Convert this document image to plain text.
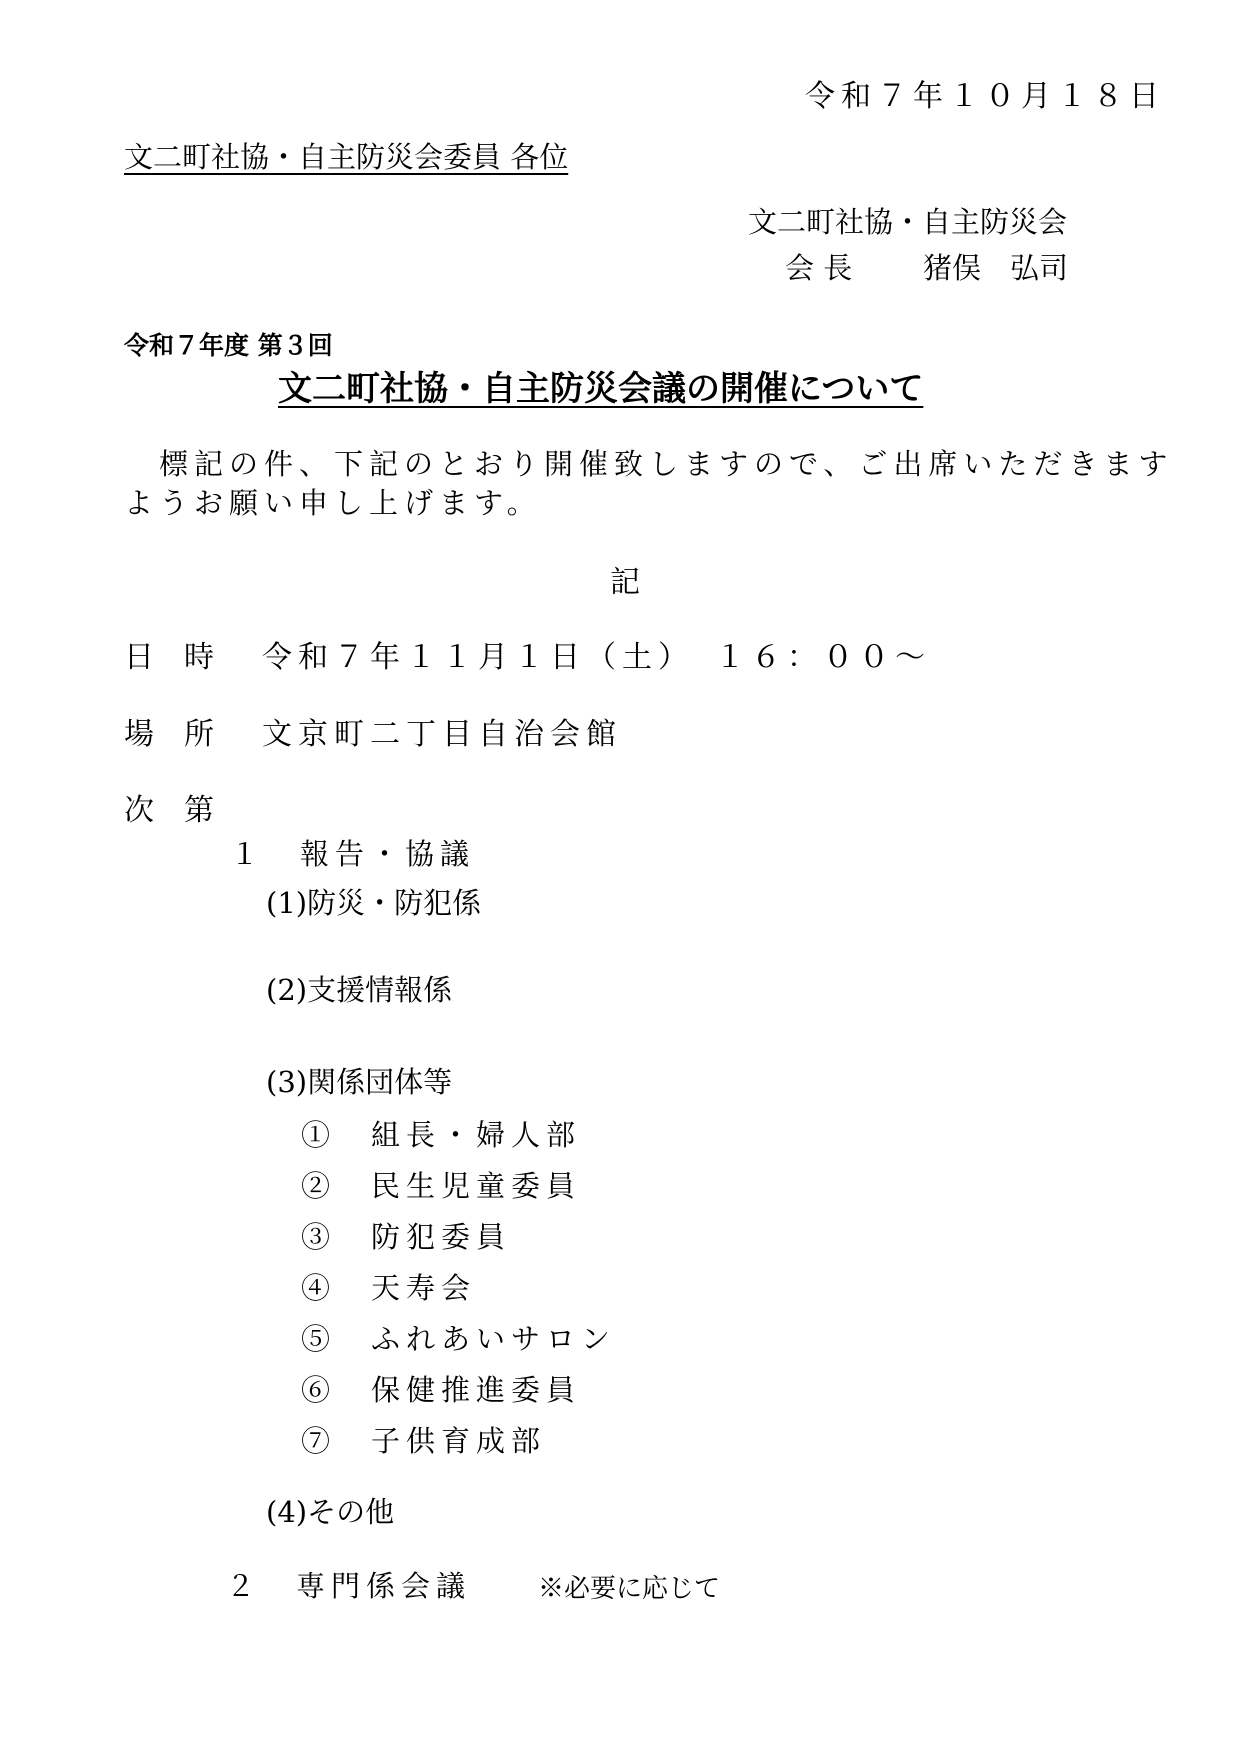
令和７年１０月１８日
文二町社協・自主防災会委員 各位
文二町社協・自主防災会
会 長 猪俣　弘司
令和７年度 第３回
文二町社協・自主防災会議の開催について
　標記の件、下記のとおり開催致しますので、ご出席いただきます
ようお願い申し上げます。
記
日　時 令和７年１１月１日（土）　１６：００～
場　所 文京町二丁目自治会館
次　第
１　報告・協議
(1)防災・防犯係
(2)支援情報係
(3)関係団体等
①　組長・婦人部
②　民生児童委員
③　防犯委員
④　天寿会
⑤　ふれあいサロン
⑥　保健推進委員
⑦　子供育成部
(4)その他
２　専門係会議	※必要に応じて
